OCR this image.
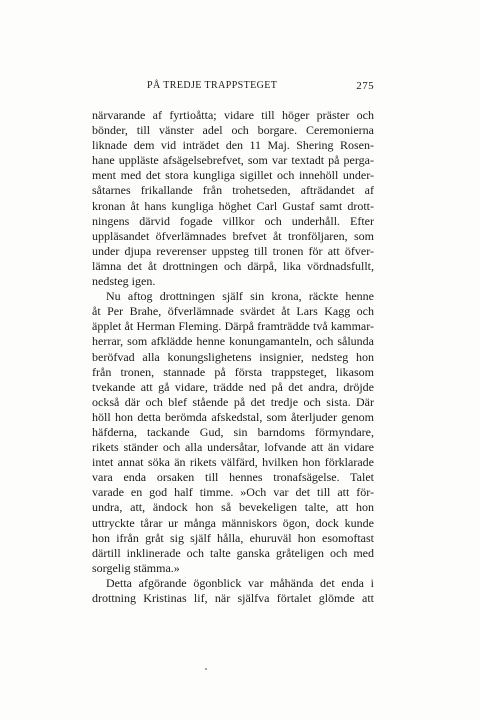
PÅ TREDJE TRAPPSTEGET	275
närvarande af fyrtioåtta; vidare till höger präster och
bönder, till vänster adel och borgare. Ceremonierna
liknade dem vid inträdet den 11 Maj. Shering Rosen-
hane uppläste afsägelsebrefvet, som var textadt på perga-
ment med det stora kungliga sigillet och innehöll under-
såtarnes frikallande från trohetseden, afträdandet af
kronan åt hans kungliga höghet Carl Gustaf samt drott-
ningens därvid fogade villkor och underhåll. Efter
uppläsandet öfverlämnades brefvet åt tronföljaren, som
under djupa reverenser uppsteg till tronen för att öfver-
lämna det åt drottningen och därpå, lika vördnadsfullt,
nedsteg igen.
Nu aftog drottningen själf sin krona, räckte henne
åt Per Brahe, öfverlämnade svärdet åt Lars Kagg och
äpplet åt Herman Fleming. Därpå framträdde två kammar-
herrar, som afklädde henne konungamanteln, och sålunda
beröfvad alla konungslighetens insignier, nedsteg hon
från tronen, stannade på första trappsteget, likasom
tvekande att gå vidare, trädde ned på det andra, dröjde
också där och blef stående på det tredje och sista. Där
höll hon detta berömda afskedstal, som återljuder genom
häfderna, tackande Gud, sin barndoms förmyndare,
rikets ständer och alla undersåtar, lofvande att än vidare
intet annat söka än rikets välfärd, hvilken hon förklarade
vara enda orsaken till hennes tronafsägelse. Talet
varade en god half timme. »Och var det till att för-
undra, att, ändock hon så bevekeligen talte, att hon
uttryckte tårar ur många människors ögon, dock kunde
hon ifrån gråt sig själf hålla, ehuruväl hon esomoftast
därtill inklinerade och talte ganska gråteligen och med
sorgelig stämma.»
Detta afgörande ögonblick var måhända det enda i
drottning Kristinas lif, när själfva förtalet glömde att
